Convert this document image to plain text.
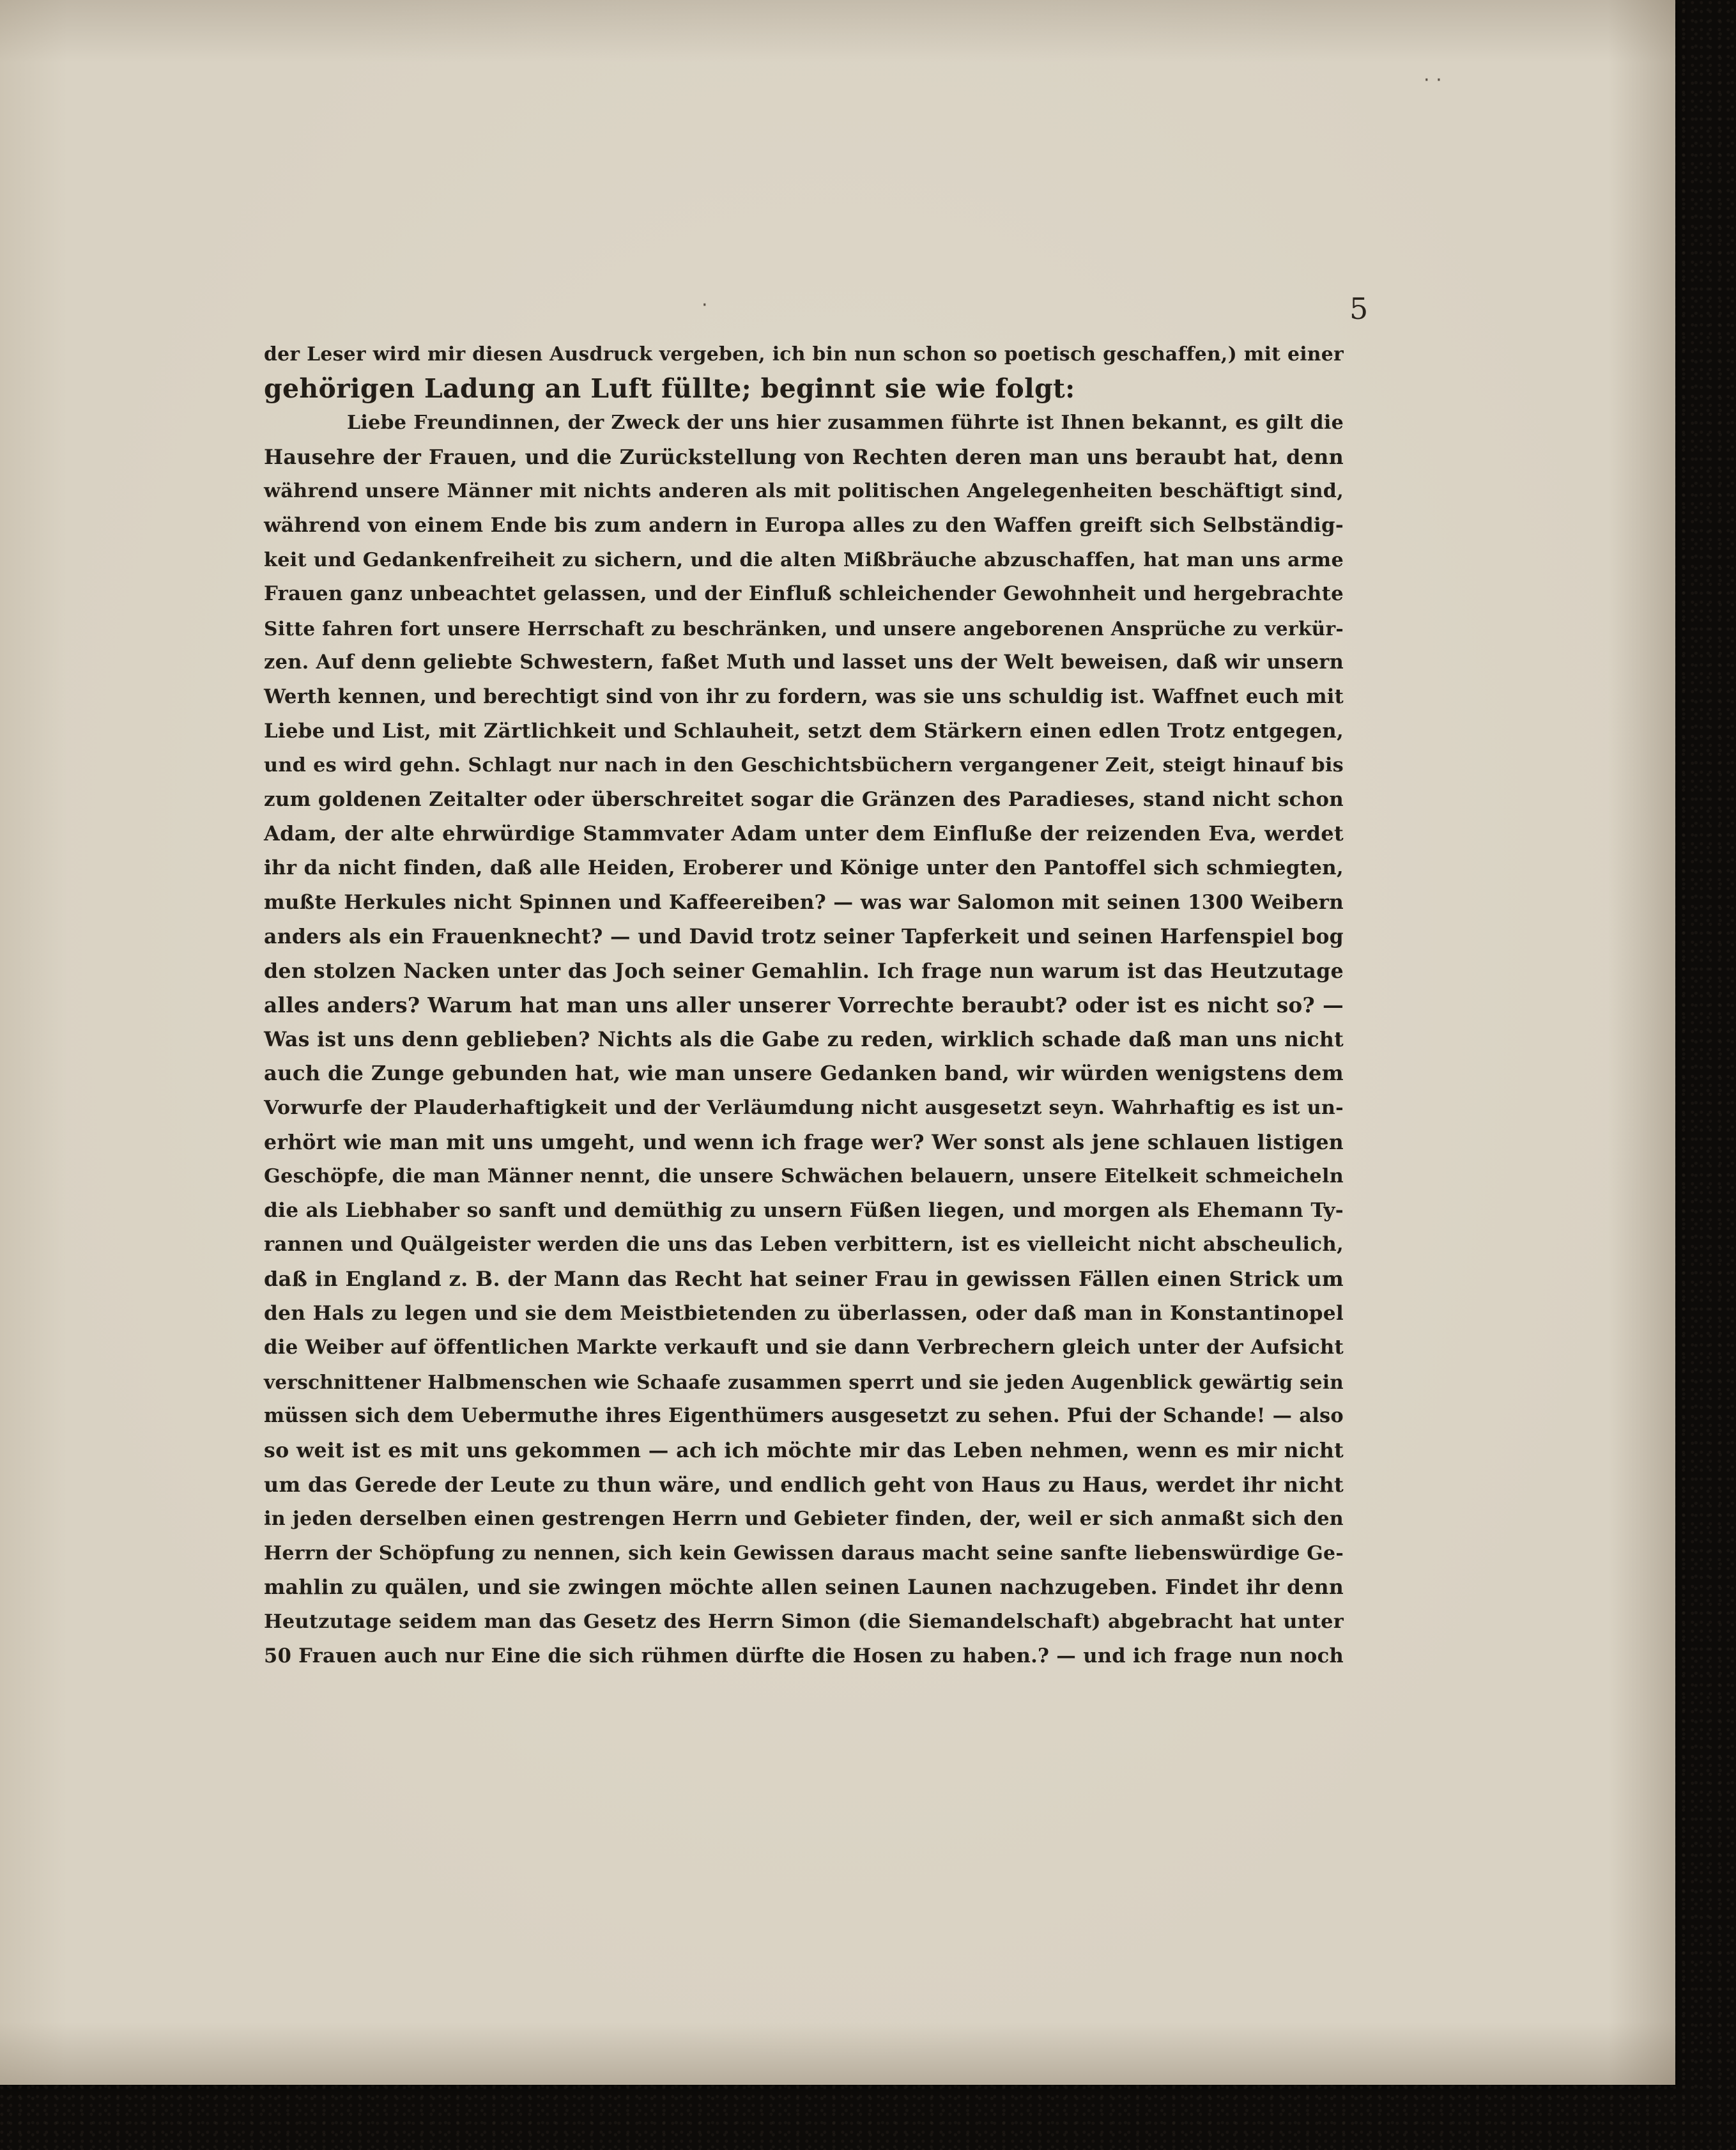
5
· ·
·
der Leser wird mir diesen Ausdruck vergeben, ich bin nun schon so poetisch geschaffen,) mit einer
gehörigen Ladung an Luft füllte; beginnt sie wie folgt:
Liebe Freundinnen, der Zweck der uns hier zusammen führte ist Ihnen bekannt, es gilt die
Hausehre der Frauen, und die Zurückstellung von Rechten deren man uns beraubt hat, denn
während unsere Männer mit nichts anderen als mit politischen Angelegenheiten beschäftigt sind,
während von einem Ende bis zum andern in Europa alles zu den Waffen greift sich Selbständig-
keit und Gedankenfreiheit zu sichern, und die alten Mißbräuche abzuschaffen, hat man uns arme
Frauen ganz unbeachtet gelassen, und der Einfluß schleichender Gewohnheit und hergebrachte
Sitte fahren fort unsere Herrschaft zu beschränken, und unsere angeborenen Ansprüche zu verkür-
zen. Auf denn geliebte Schwestern, faßet Muth und lasset uns der Welt beweisen, daß wir unsern
Werth kennen, und berechtigt sind von ihr zu fordern, was sie uns schuldig ist. Waffnet euch mit
Liebe und List, mit Zärtlichkeit und Schlauheit, setzt dem Stärkern einen edlen Trotz entgegen,
und es wird gehn. Schlagt nur nach in den Geschichtsbüchern vergangener Zeit, steigt hinauf bis
zum goldenen Zeitalter oder überschreitet sogar die Gränzen des Paradieses, stand nicht schon
Adam, der alte ehrwürdige Stammvater Adam unter dem Einfluße der reizenden Eva, werdet
ihr da nicht finden, daß alle Heiden, Eroberer und Könige unter den Pantoffel sich schmiegten,
mußte Herkules nicht Spinnen und Kaffeereiben? — was war Salomon mit seinen 1300 Weibern
anders als ein Frauenknecht? — und David trotz seiner Tapferkeit und seinen Harfenspiel bog
den stolzen Nacken unter das Joch seiner Gemahlin. Ich frage nun warum ist das Heutzutage
alles anders? Warum hat man uns aller unserer Vorrechte beraubt? oder ist es nicht so? —
Was ist uns denn geblieben? Nichts als die Gabe zu reden, wirklich schade daß man uns nicht
auch die Zunge gebunden hat, wie man unsere Gedanken band, wir würden wenigstens dem
Vorwurfe der Plauderhaftigkeit und der Verläumdung nicht ausgesetzt seyn. Wahrhaftig es ist un-
erhört wie man mit uns umgeht, und wenn ich frage wer? Wer sonst als jene schlauen listigen
Geschöpfe, die man Männer nennt, die unsere Schwächen belauern, unsere Eitelkeit schmeicheln
die als Liebhaber so sanft und demüthig zu unsern Füßen liegen, und morgen als Ehemann Ty-
rannen und Quälgeister werden die uns das Leben verbittern, ist es vielleicht nicht abscheulich,
daß in England z. B. der Mann das Recht hat seiner Frau in gewissen Fällen einen Strick um
den Hals zu legen und sie dem Meistbietenden zu überlassen, oder daß man in Konstantinopel
die Weiber auf öffentlichen Markte verkauft und sie dann Verbrechern gleich unter der Aufsicht
verschnittener Halbmenschen wie Schaafe zusammen sperrt und sie jeden Augenblick gewärtig sein
müssen sich dem Uebermuthe ihres Eigenthümers ausgesetzt zu sehen. Pfui der Schande! — also
so weit ist es mit uns gekommen — ach ich möchte mir das Leben nehmen, wenn es mir nicht
um das Gerede der Leute zu thun wäre, und endlich geht von Haus zu Haus, werdet ihr nicht
in jeden derselben einen gestrengen Herrn und Gebieter finden, der, weil er sich anmaßt sich den
Herrn der Schöpfung zu nennen, sich kein Gewissen daraus macht seine sanfte liebenswürdige Ge-
mahlin zu quälen, und sie zwingen möchte allen seinen Launen nachzugeben. Findet ihr denn
Heutzutage seidem man das Gesetz des Herrn Simon (die Siemandelschaft) abgebracht hat unter
50 Frauen auch nur Eine die sich rühmen dürfte die Hosen zu haben.? — und ich frage nun noch
